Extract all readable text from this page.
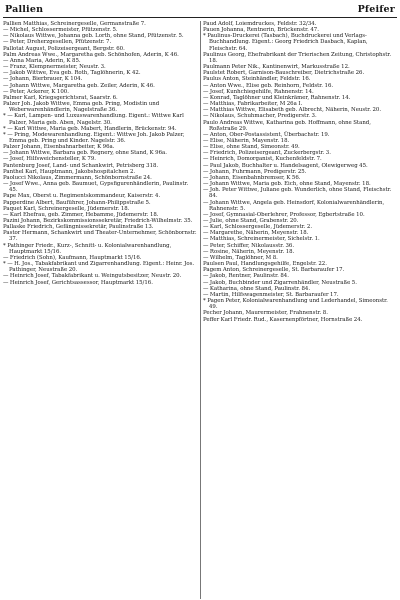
Pallien	Pfeifer

Pallien Matthias, Schreinergeselle, Germanstraße 7.

— Michel, Schlossermeister, Pfützenstr. 5.

— Nikolaus Wittwe, Johanna geb. Lorth, ohne Stand, Pfützenstr. 5.

— Peter, Dreherzgesellen, Pfützenstr. 7.

Pallotat August, Polizeisergeant, Bergstr. 60.

Palm Andreas Wwe., Margaretha geb. Schönhofen, Aderin, K 46.

— Anna Maria, Aderin, K 85.

— Franz, Klempnermeister, Neustr. 3.

— Jakob Wittwe, Eva geb. Roth, Taglöhnerin, K 42.

— Johann, Bierbrauer, K 104.

— Johann Wittwe, Margaretha geb. Zeiler, Aderin, K 46.

— Peter, Ackerer, K 100.

Palmer Karl, Kriegsgerichtsrat, Saarstr. 6.

Palzer Joh. Jakob Wittwe, Emma geb. Pring, Modistin und Weberwarenhändlerin, Nagelstraße 36.

* — Karl, Lampen- und Luxuswarenhandlung. Eigent.: Wittwe Karl Palzer, Maria geb. Aben, Nagelstr. 30.

* — Karl Wittwe, Maria geb. Mabert, Handlerin, Brückenstr. 94.

* — Pring, Modewarenhandlung. Eigent.: Wittwe Joh. Jakob Palzer, Emma geb. Pring und Kinder. Nagelstr. 36.

Palzer Johann, Eisenbahnarbeiter, K 96a.

— Johann Wittwe, Barbara geb. Regnery, ohne Stand, K 96a.

— Josef, Hilfsweichensteller, K 79.

Pantenburg Josef, Land- und Schankwirt, Petrisberg 318.

Panthel Karl, Hauptmann, Jakobshospitalchen 2.

Paolucci Nikolaus, Zimmermann, Schönbornstraße 24.

— Josef Wwe., Anna geb. Baumuet, Gypsfigurenhändlerin, Paulinstr. 45.

Pape Max, Oberst u. Regimentskommandeur, Kaiserstr. 4.

Papperdine Albert, Bauführer, Johann-Philippstraße 5.

Paquet Karl, Schreinergeselle, Jüdemerstr. 18.

— Karl Ehefrau, geb. Zimmer, Hebamme, Jüdemerstr. 18.

Pazini Johann, Bezirkskommissionssekretär, Friedrich-Wilhelmstr. 35.

Pallaske Friedrich, Gefängnissekretär, Paulinstraße 13.

Pastor Hermann, Schankwirt und Theater-Unternehmer, Schönbornstr. 37.

* Pathinger Friedr., Kurz-, Schnitt- u. Kolonialwarenhandlung, Hauptmarkt 15/16.

— Friedrich (Sohn), Kaufmann, Hauptmarkt 15/16.

* — H. Jos., Tabakfabrikant und Zigarrenhandlung. Eigent.: Heinr. Jos. Pathinger, Neustraße 20.

— Heinrich Josef, Tabakfabrikant u. Weingutsbesitzer, Neustr. 20.

— Heinrich Josef, Gerichtsassessor, Hauptmarkt 15/16.

Paud Adolf, Loiemdruckes, Feldstr. 32/34.

Pauen Johanna, Rentnerin, Brückenstr. 47.

* Paulinus-Druckerei (Tasbach), Buchdruckerei und Verlags-Buchhandlung. Eigent.: Georg Friedrich Dasbach, Kaplan, Fleischstr. 64.

Paulinus Georg, Ehefrabrikant der Trierischen Zeitung, Christophstr. 18.

Paulmann Peter Nik., Kantinenwirt, Markusstraße 12.

Paulstet Robert, Garnison-Bauschreiber, Dietrichstraße 26.

Paulus Anton, Steinhändler, Feldstr. 16.

— Anton Wwe., Elise geb. Reinhorn, Feldstr. 16.

— Josef, Kunhchiegehilfe, Rahnenstr. 14.

— Konrad, Taglöhner und Kleinkrämer, Rahnenstr. 14.

— Matthias, Fabrikarbeiter, M 26a I.

— Matthias Wittwe, Elisabeth geb. Albrecht, Näherin, Neustr. 20.

— Nikolaus, Schuhmacher, Predigerstr. 3.

Paulo Andreas Wittwe, Katharina geb. Hoffmann, ohne Stand, Roßstraße 29.

— Anton, Ober-Postassistent, Überbachstr. 19.

— Elise, Näherin, Mayenstr. 18.

— Elise, ohne Stand, Simeonstr. 49.

— Friedrich, Polizeisergeant, Zuckerbergstr. 3.

— Heinrich, Domorganist, Kuchenfeldstr. 7.

— Paul Jakob, Buchhalter u. Handelsagent, Olewigerweg 45.

— Johann, Fuhrmann, Predigerstr. 25.

— Johann, Eisenbahnbremser, K 56.

— Johann Wittwe, Maria geb. Eich, ohne Stand, Mayenstr. 18.

— Joh. Peter Wittwe, Juliane geb. Wunderlich, ohne Stand, Fleischstr. 84.

— Johann Wittwe, Angela geb. Heinsdorf, Kolonialwarenhändlerin, Rahnenstr. 5.

— Josef, Gymnasial-Oberlehrer, Professor, Egbertstraße 10.

— Julie, ohne Stand, Grabenstr. 20.

— Karl, Schlossergeselle, Jüdemerstr. 2.

— Margarethe, Näherin, Meyenstr. 18.

— Matthias, Schreinermeister, Sichelstr. 1.

— Peter, Schiffer, Nikolausstr. 36.

— Rosine, Näherin, Meyenstr. 18.

— Wilhelm, Taglöhner, M 8.

Paulsen Paul, Handlungsgehilfe, Engelstr. 22.

Pagem Anton, Schreinergeselle, St. Barbaraufer 17.

— Jakob, Rentner, Paulinstr. 84.

— Jakob, Buchbinder und Zigarrenhändler, Neustraße 5.

— Katharina, ohne Stand, Paulinstr. 84.

— Martin, Hilfswagenmeister, St. Barbaraufer 17.

* Pagen Peter, Kolonialwarenhandlung und Lederhandel, Simeonstr. 49.

Pecher Johann, Maurermeister, Frahnenstr. 8.

Peffer Karl Friedr. Rud., Kasernenpförtner, Hornstraße 24.
